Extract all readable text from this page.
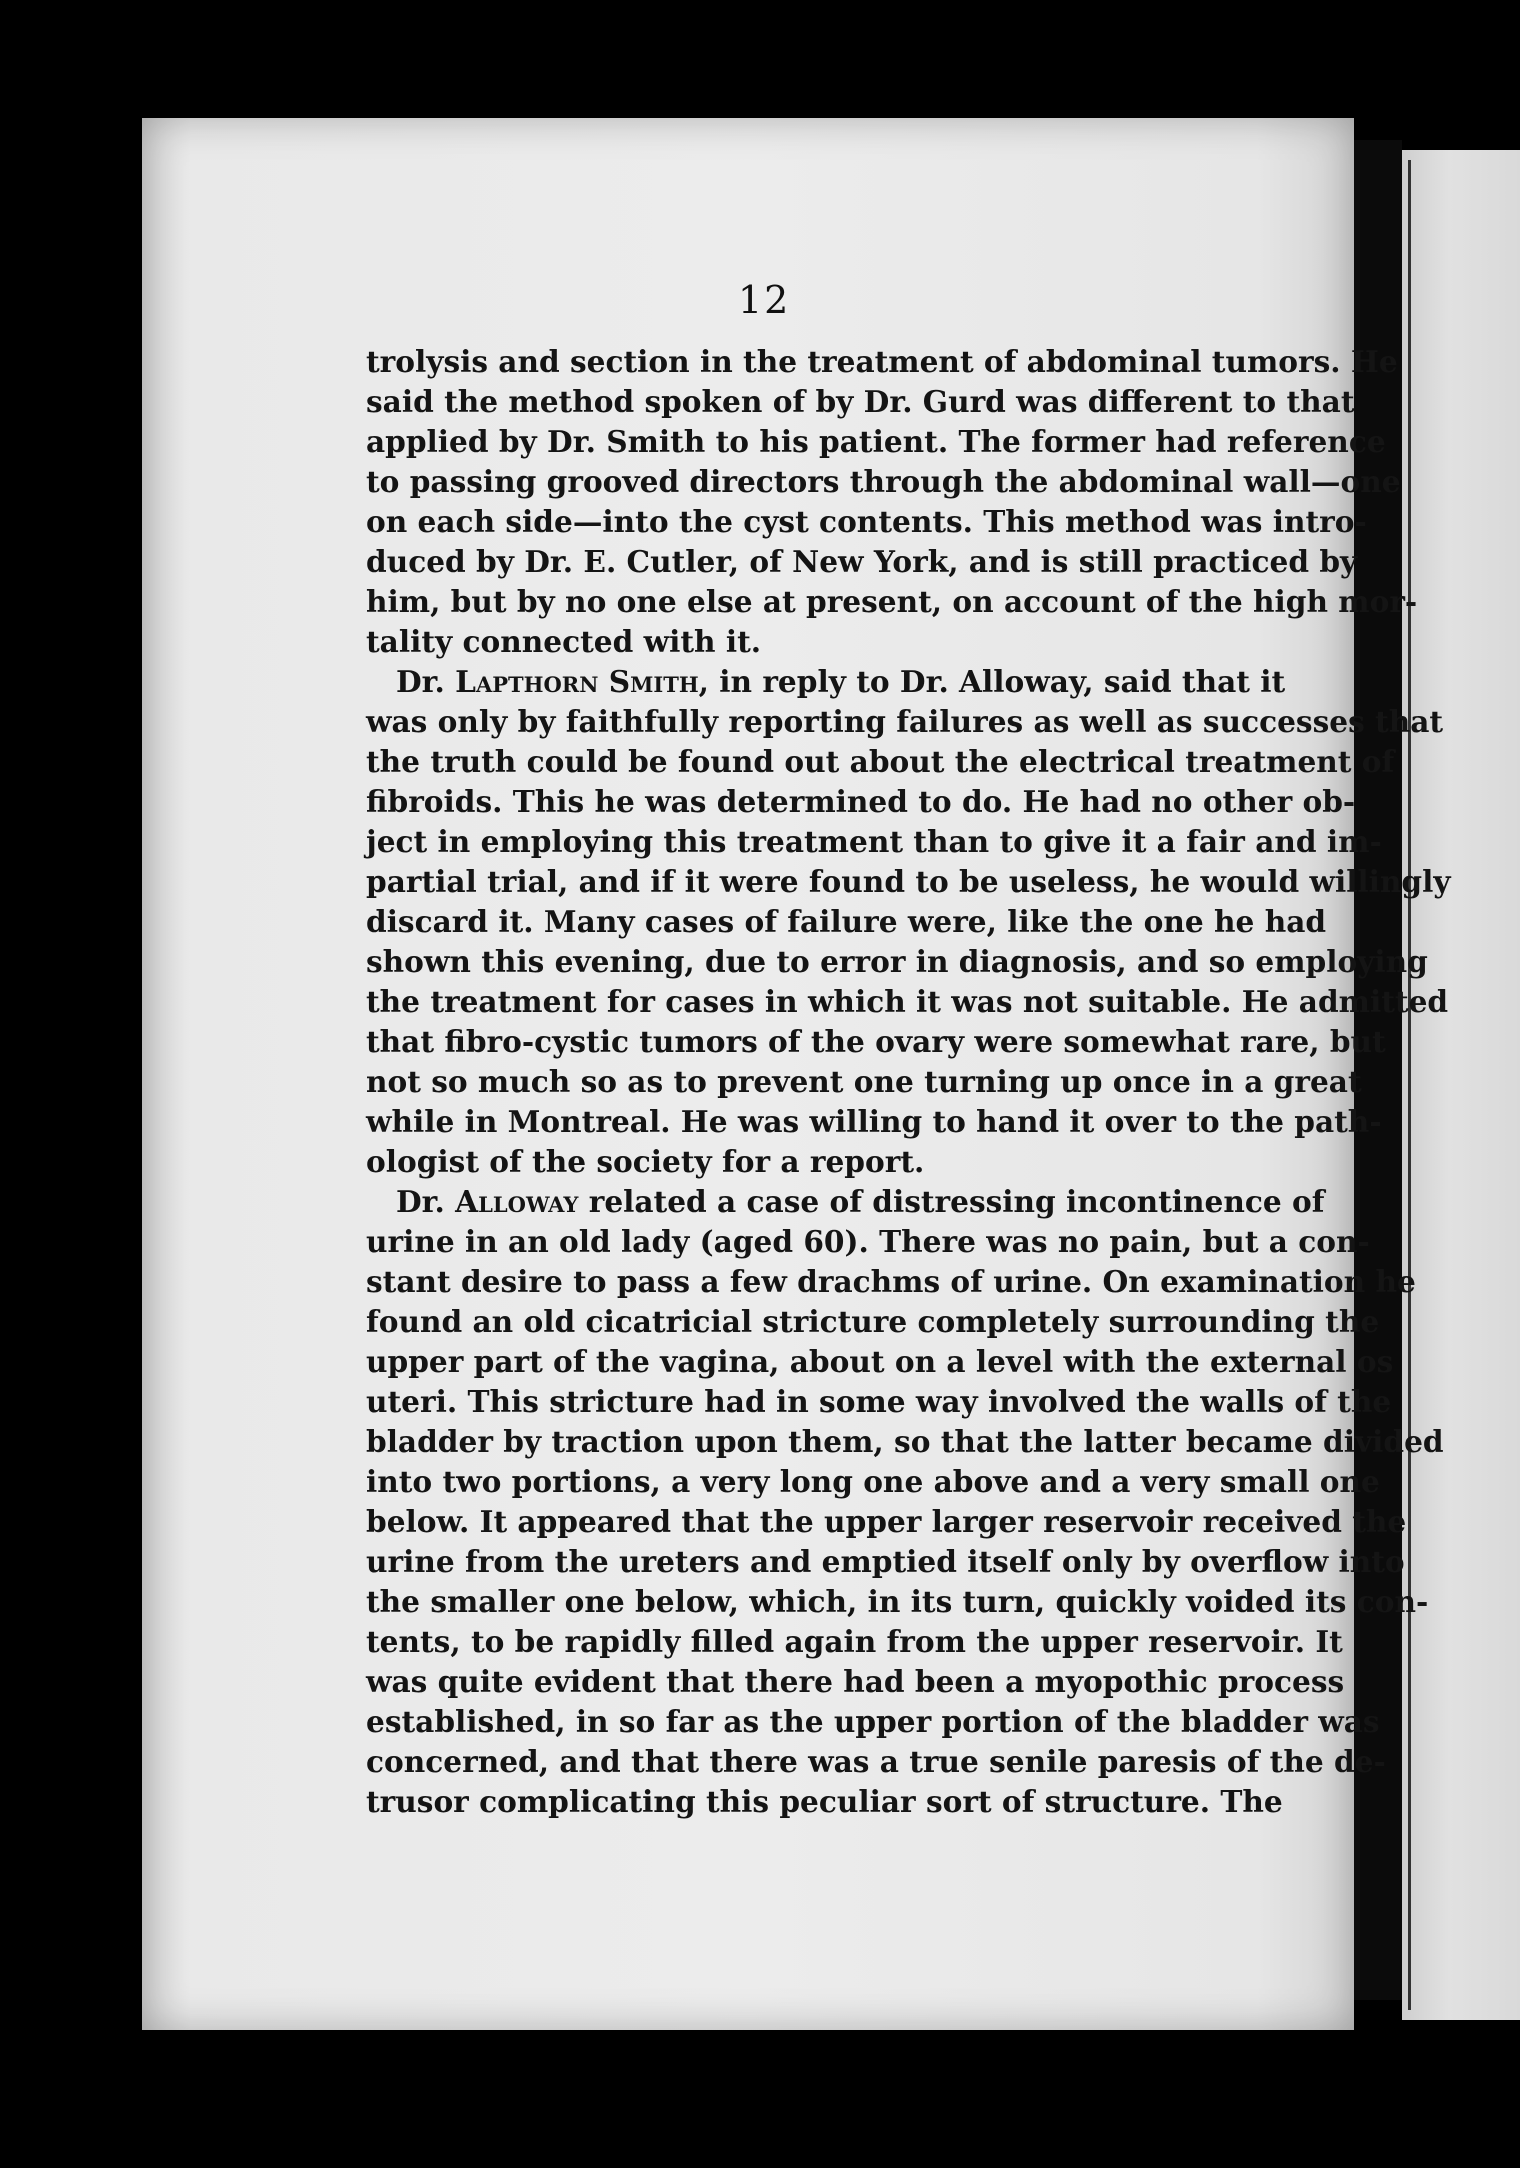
12
trolysis and section in the treatment of abdominal tumors. He
said the method spoken of by Dr. Gurd was different to that
applied by Dr. Smith to his patient. The former had reference
to passing grooved directors through the abdominal wall—one
on each side—into the cyst contents. This method was intro-
duced by Dr. E. Cutler, of New York, and is still practiced by
him, but by no one else at present, on account of the high mor-
tality connected with it.
Dr. Lapthorn Smith, in reply to Dr. Alloway, said that it
was only by faithfully reporting failures as well as successes that
the truth could be found out about the electrical treatment of
fibroids. This he was determined to do. He had no other ob-
ject in employing this treatment than to give it a fair and im-
partial trial, and if it were found to be useless, he would willingly
discard it. Many cases of failure were, like the one he had
shown this evening, due to error in diagnosis, and so employing
the treatment for cases in which it was not suitable. He admitted
that fibro-cystic tumors of the ovary were somewhat rare, but
not so much so as to prevent one turning up once in a great
while in Montreal. He was willing to hand it over to the path-
ologist of the society for a report.
Dr. Alloway related a case of distressing incontinence of
urine in an old lady (aged 60). There was no pain, but a con-
stant desire to pass a few drachms of urine. On examination he
found an old cicatricial stricture completely surrounding the
upper part of the vagina, about on a level with the external os
uteri. This stricture had in some way involved the walls of the
bladder by traction upon them, so that the latter became divided
into two portions, a very long one above and a very small one
below. It appeared that the upper larger reservoir received the
urine from the ureters and emptied itself only by overflow into
the smaller one below, which, in its turn, quickly voided its con-
tents, to be rapidly filled again from the upper reservoir. It
was quite evident that there had been a myopothic process
established, in so far as the upper portion of the bladder was
concerned, and that there was a true senile paresis of the de-
trusor complicating this peculiar sort of structure. The
